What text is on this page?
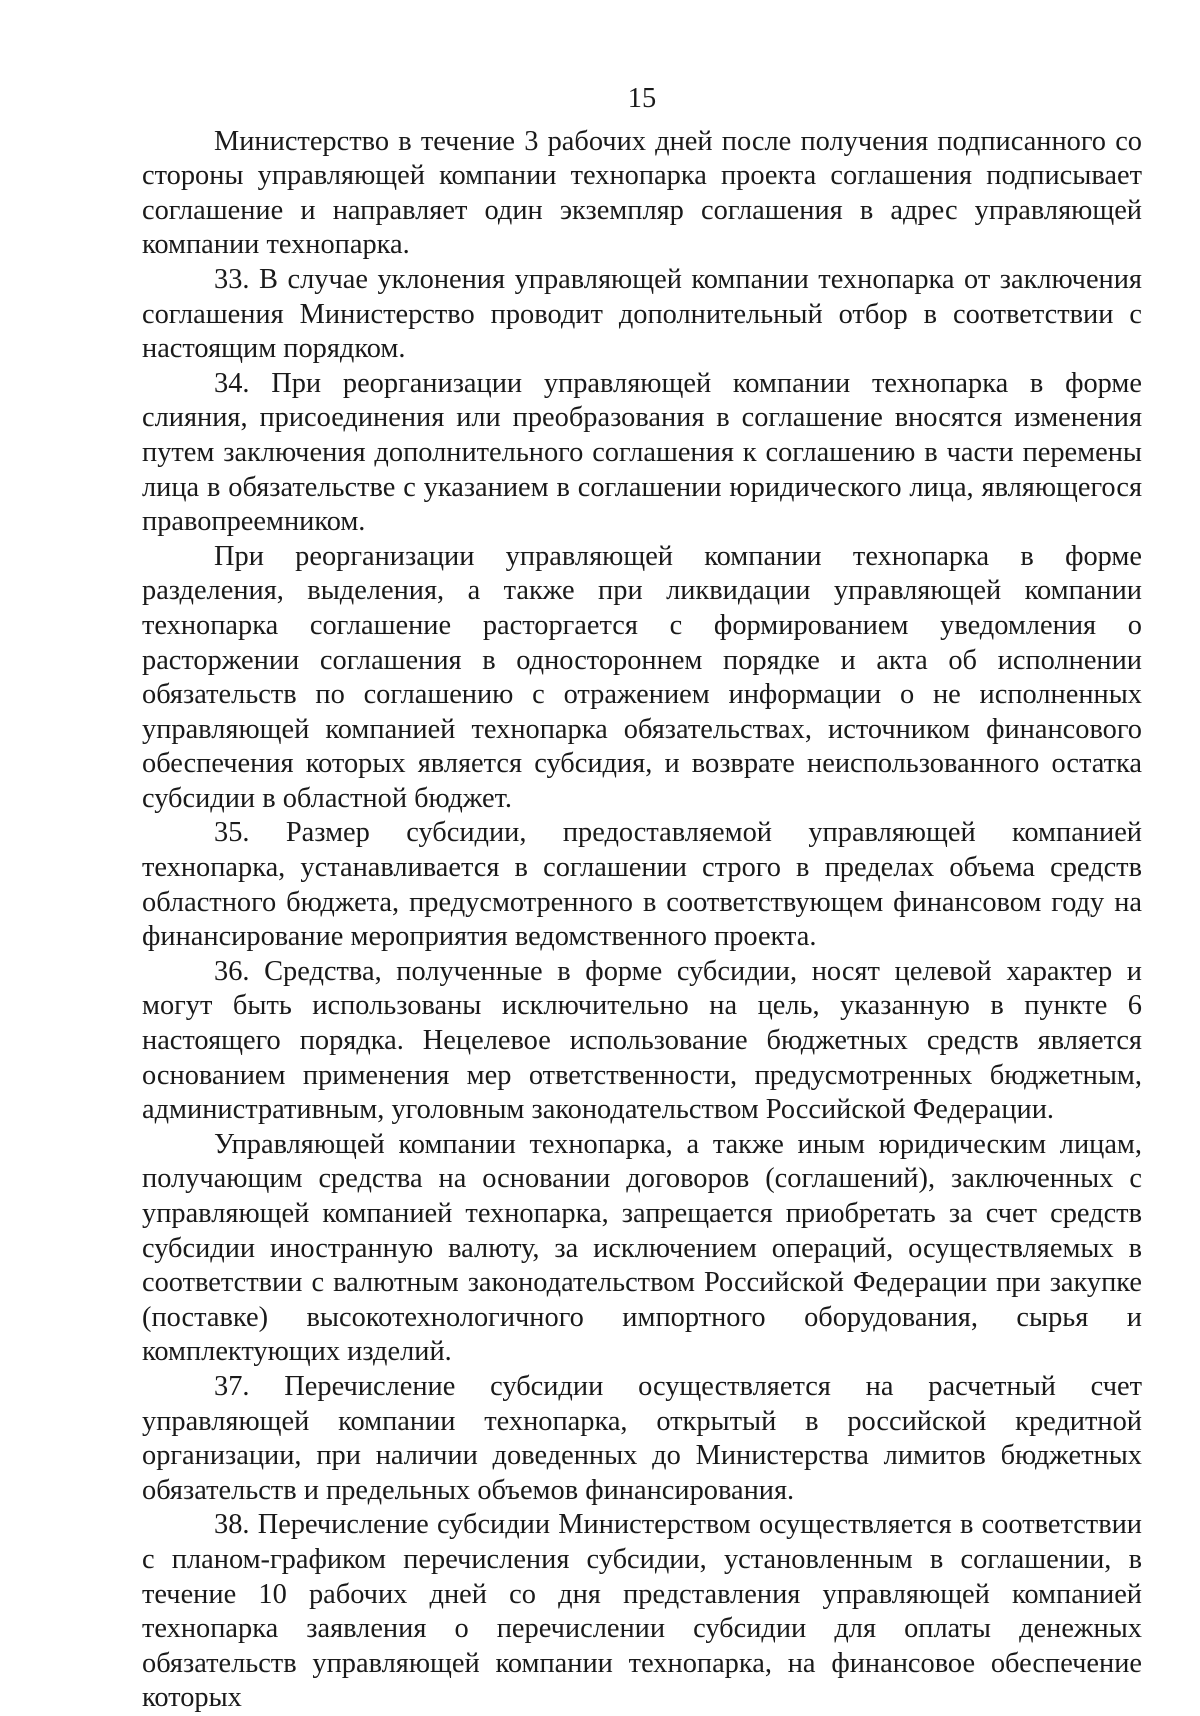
15

Министерство в течение 3 рабочих дней после получения подписанного со стороны управляющей компании технопарка проекта соглашения подписывает соглашение и направляет один экземпляр соглашения в адрес управляющей компании технопарка.

33. В случае уклонения управляющей компании технопарка от заключения соглашения Министерство проводит дополнительный отбор в соответствии с настоящим порядком.

34. При реорганизации управляющей компании технопарка в форме слияния, присоединения или преобразования в соглашение вносятся изменения путем заключения дополнительного соглашения к соглашению в части перемены лица в обязательстве с указанием в соглашении юридического лица, являющегося правопреемником.

При реорганизации управляющей компании технопарка в форме разделения, выделения, а также при ликвидации управляющей компании технопарка соглашение расторгается с формированием уведомления о расторжении соглашения в одностороннем порядке и акта об исполнении обязательств по соглашению с отражением информации о не исполненных управляющей компанией технопарка обязательствах, источником финансового обеспечения которых является субсидия, и возврате неиспользованного остатка субсидии в областной бюджет.

35. Размер субсидии, предоставляемой управляющей компанией технопарка, устанавливается в соглашении строго в пределах объема средств областного бюджета, предусмотренного в соответствующем финансовом году на финансирование мероприятия ведомственного проекта.

36. Средства, полученные в форме субсидии, носят целевой характер и могут быть использованы исключительно на цель, указанную в пункте 6 настоящего порядка. Нецелевое использование бюджетных средств является основанием применения мер ответственности, предусмотренных бюджетным, административным, уголовным законодательством Российской Федерации.

Управляющей компании технопарка, а также иным юридическим лицам, получающим средства на основании договоров (соглашений), заключенных с управляющей компанией технопарка, запрещается приобретать за счет средств субсидии иностранную валюту, за исключением операций, осуществляемых в соответствии с валютным законодательством Российской Федерации при закупке (поставке) высокотехнологичного импортного оборудования, сырья и комплектующих изделий.

37. Перечисление субсидии осуществляется на расчетный счет управляющей компании технопарка, открытый в российской кредитной организации, при наличии доведенных до Министерства лимитов бюджетных обязательств и предельных объемов финансирования.

38. Перечисление субсидии Министерством осуществляется в соответствии с планом-графиком перечисления субсидии, установленным в соглашении, в течение 10 рабочих дней со дня представления управляющей компанией технопарка заявления о перечислении субсидии для оплаты денежных обязательств управляющей компании технопарка, на финансовое обеспечение которых
